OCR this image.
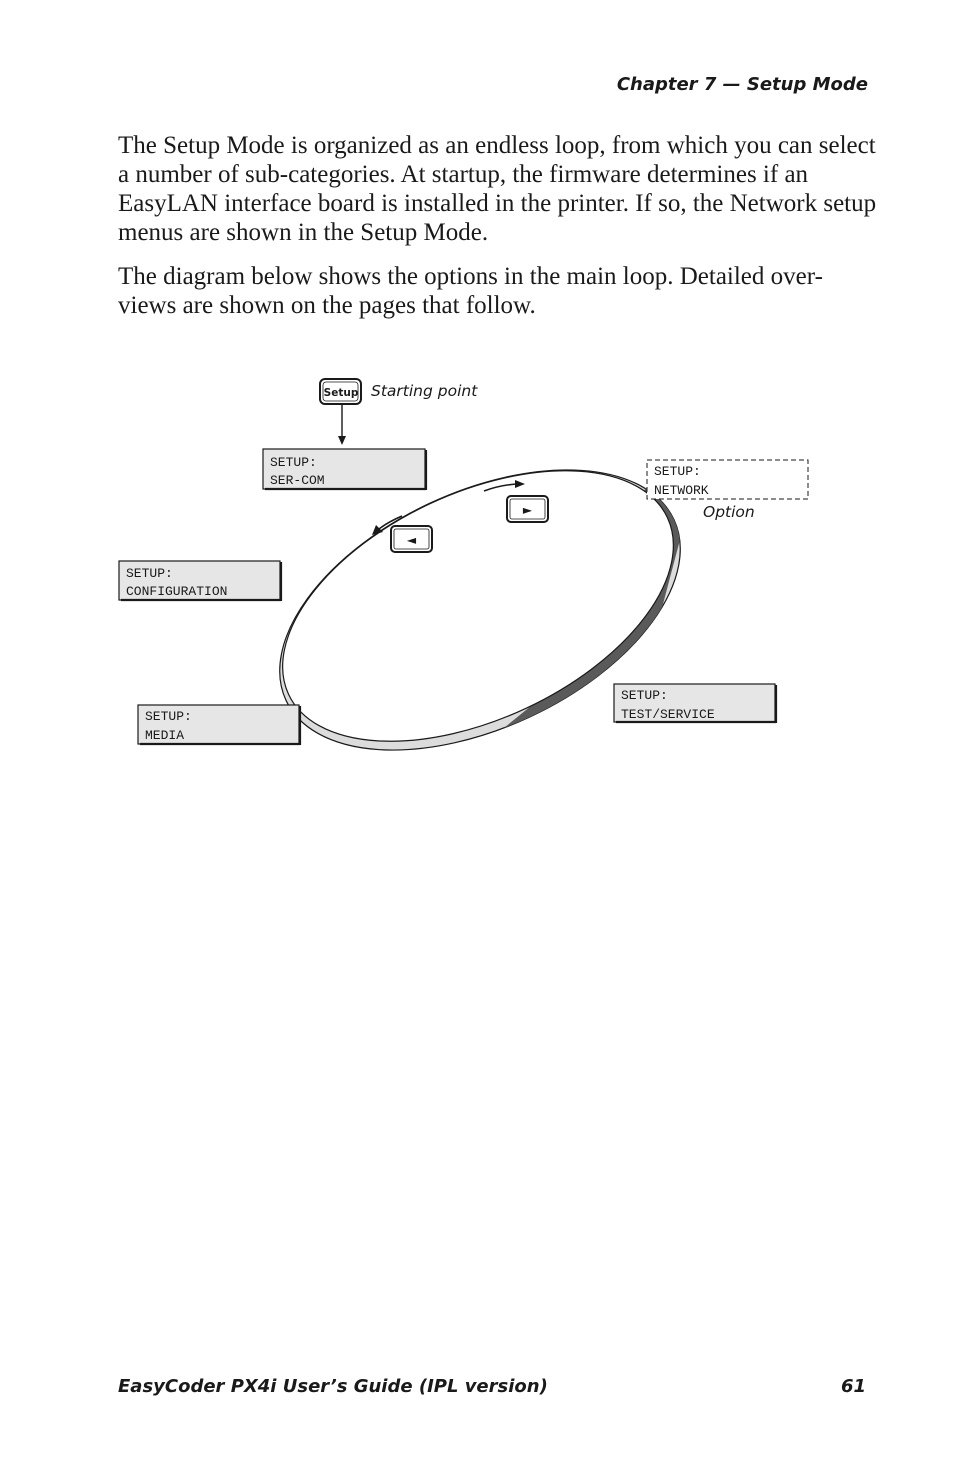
Chapter 7 — Setup Mode

The Setup Mode is organized as an endless loop, from which you can select a number of sub-categories. At startup, the firmware determines if an EasyLAN interface board is installed in the printer. If so, the Network setup menus are shown in the Setup Mode.

The diagram below shows the options in the main loop. Detailed over-views are shown on the pages that follow.

Setup Starting point
SETUP:
SER-COM
SETUP:
NETWORK
Option
SETUP:
CONFIGURATION
SETUP:
MEDIA
SETUP:
TEST/SERVICE
►
◄
EasyCoder PX4i User’s Guide (IPL version)	61
